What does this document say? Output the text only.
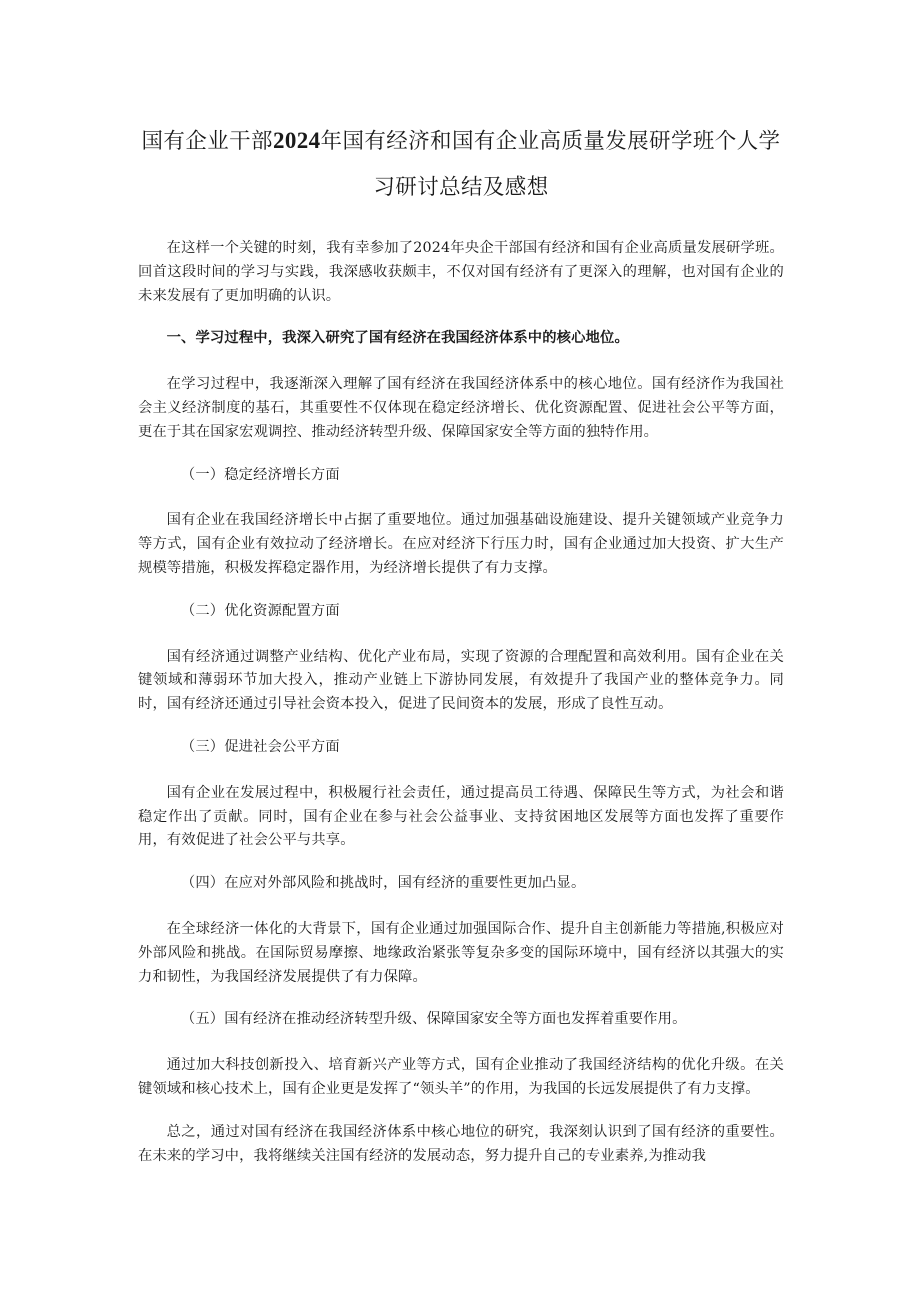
国有企业干部2024年国有经济和国有企业高质量发展研学班个人学
习研讨总结及感想

在这样一个关键的时刻，我有幸参加了2024年央企干部国有经济和国有企业高质量发展研学班。回首这段时间的学习与实践，我深感收获颇丰，不仅对国有经济有了更深入的理解，也对国有企业的未来发展有了更加明确的认识。

一、学习过程中，我深入研究了国有经济在我国经济体系中的核心地位。

在学习过程中，我逐渐深入理解了国有经济在我国经济体系中的核心地位。国有经济作为我国社会主义经济制度的基石，其重要性不仅体现在稳定经济增长、优化资源配置、促进社会公平等方面，更在于其在国家宏观调控、推动经济转型升级、保障国家安全等方面的独特作用。

（一）稳定经济增长方面

国有企业在我国经济增长中占据了重要地位。通过加强基础设施建设、提升关键领域产业竞争力等方式，国有企业有效拉动了经济增长。在应对经济下行压力时，国有企业通过加大投资、扩大生产规模等措施，积极发挥稳定器作用，为经济增长提供了有力支撑。

（二）优化资源配置方面

国有经济通过调整产业结构、优化产业布局，实现了资源的合理配置和高效利用。国有企业在关键领域和薄弱环节加大投入，推动产业链上下游协同发展，有效提升了我国产业的整体竞争力。同时，国有经济还通过引导社会资本投入，促进了民间资本的发展，形成了良性互动。

（三）促进社会公平方面

国有企业在发展过程中，积极履行社会责任，通过提高员工待遇、保障民生等方式，为社会和谐稳定作出了贡献。同时，国有企业在参与社会公益事业、支持贫困地区发展等方面也发挥了重要作用，有效促进了社会公平与共享。

（四）在应对外部风险和挑战时，国有经济的重要性更加凸显。

在全球经济一体化的大背景下，国有企业通过加强国际合作、提升自主创新能力等措施,积极应对外部风险和挑战。在国际贸易摩擦、地缘政治紧张等复杂多变的国际环境中，国有经济以其强大的实力和韧性，为我国经济发展提供了有力保障。

（五）国有经济在推动经济转型升级、保障国家安全等方面也发挥着重要作用。

通过加大科技创新投入、培育新兴产业等方式，国有企业推动了我国经济结构的优化升级。在关键领域和核心技术上，国有企业更是发挥了“领头羊”的作用，为我国的长远发展提供了有力支撑。

总之，通过对国有经济在我国经济体系中核心地位的研究，我深刻认识到了国有经济的重要性。在未来的学习中，我将继续关注国有经济的发展动态，努力提升自己的专业素养,为推动我
